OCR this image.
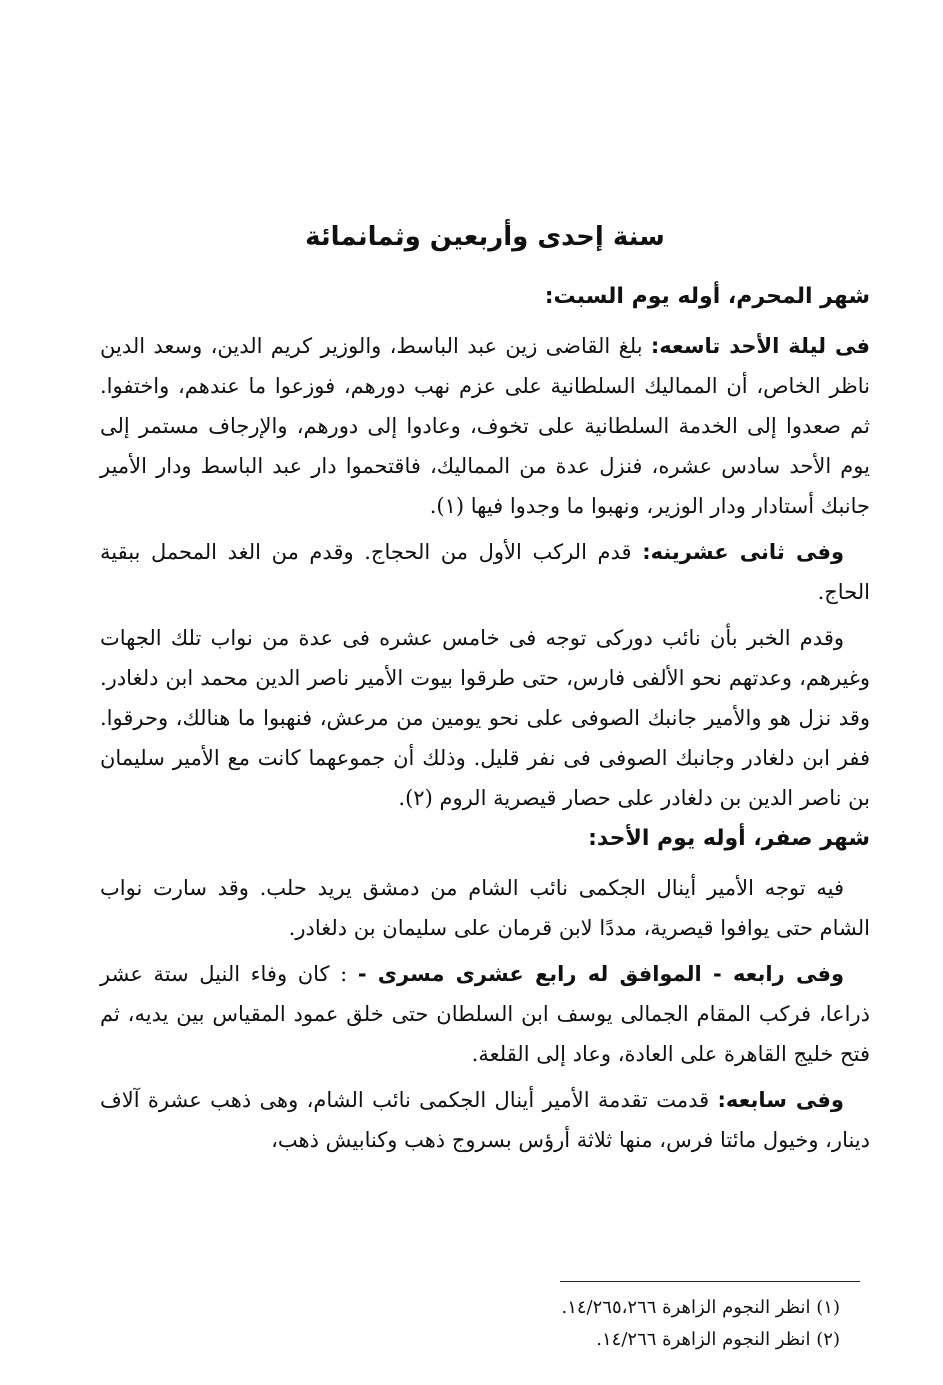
سنة إحدى وأربعين وثمانمائة
شهر المحرم، أوله يوم السبت:

فى ليلة الأحد تاسعه: بلغ القاضى زين عبد الباسط، والوزير كريم الدين، وسعد الدين ناظر الخاص، أن المماليك السلطانية على عزم نهب دورهم، فوزعوا ما عندهم، واختفوا. ثم صعدوا إلى الخدمة السلطانية على تخوف، وعادوا إلى دورهم، والإرجاف مستمر إلى يوم الأحد سادس عشره، فنزل عدة من المماليك، فاقتحموا دار عبد الباسط ودار الأمير جانبك أستادار ودار الوزير، ونهبوا ما وجدوا فيها (١).

وفى ثانى عشرينه: قدم الركب الأول من الحجاج. وقدم من الغد المحمل ببقية الحاج.

وقدم الخبر بأن نائب دوركى توجه فى خامس عشره فى عدة من نواب تلك الجهات وغيرهم، وعدتهم نحو الألفى فارس، حتى طرقوا بيوت الأمير ناصر الدين محمد ابن دلغادر. وقد نزل هو والأمير جانبك الصوفى على نحو يومين من مرعش، فنهبوا ما هنالك، وحرقوا. ففر ابن دلغادر وجانبك الصوفى فى نفر قليل. وذلك أن جموعهما كانت مع الأمير سليمان بن ناصر الدين بن دلغادر على حصار قيصرية الروم (٢).

شهر صفر، أوله يوم الأحد:

فيه توجه الأمير أينال الجكمى نائب الشام من دمشق يريد حلب. وقد سارت نواب الشام حتى يوافوا قيصرية، مددًا لابن قرمان على سليمان بن دلغادر.

وفى رابعه - الموافق له رابع عشرى مسرى - : كان وفاء النيل ستة عشر ذراعا، فركب المقام الجمالى يوسف ابن السلطان حتى خلق عمود المقياس بين يديه، ثم فتح خليج القاهرة على العادة، وعاد إلى القلعة.

وفى سابعه: قدمت تقدمة الأمير أينال الجكمى نائب الشام، وهى ذهب عشرة آلاف دينار، وخيول مائتا فرس، منها ثلاثة أرؤس بسروج ذهب وكنابيش ذهب،

(١) انظر النجوم الزاهرة ١٤/٢٦٥،٢٦٦.

(٢) انظر النجوم الزاهرة ١٤/٢٦٦.
